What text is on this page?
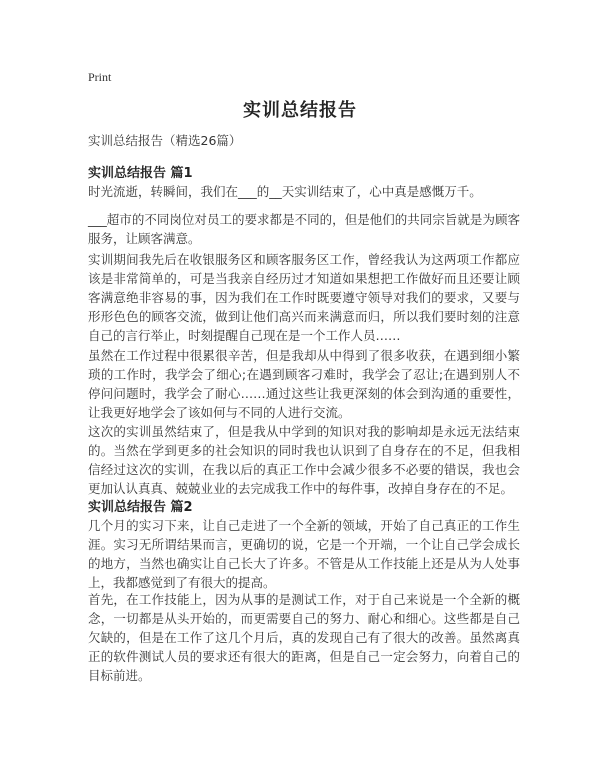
Print
实训总结报告
实训总结报告（精选26篇）
实训总结报告 篇1

时光流逝，转瞬间，我们在___的__天实训结束了，心中真是感慨万千。

___超市的不同岗位对员工的要求都是不同的，但是他们的共同宗旨就是为顾客服务，让顾客满意。

实训期间我先后在收银服务区和顾客服务区工作，曾经我认为这两项工作都应该是非常简单的，可是当我亲自经历过才知道如果想把工作做好而且还要让顾客满意绝非容易的事，因为我们在工作时既要遵守领导对我们的要求，又要与形形色色的顾客交流，做到让他们高兴而来满意而归，所以我们要时刻的注意自己的言行举止，时刻提醒自己现在是一个工作人员……

虽然在工作过程中很累很辛苦，但是我却从中得到了很多收获，在遇到细小繁琐的工作时，我学会了细心;在遇到顾客刁难时，我学会了忍让;在遇到别人不停问问题时，我学会了耐心……通过这些让我更深刻的体会到沟通的重要性，让我更好地学会了该如何与不同的人进行交流。

这次的实训虽然结束了，但是我从中学到的知识对我的影响却是永远无法结束的。当然在学到更多的社会知识的同时我也认识到了自身存在的不足，但我相信经过这次的实训，在我以后的真正工作中会减少很多不必要的错误，我也会更加认认真真、兢兢业业的去完成我工作中的每件事，改掉自身存在的不足。

实训总结报告 篇2

几个月的实习下来，让自己走进了一个全新的领域，开始了自己真正的工作生涯。实习无所谓结果而言，更确切的说，它是一个开端，一个让自己学会成长的地方，当然也确实让自己长大了许多。不管是从工作技能上还是从为人处事上，我都感觉到了有很大的提高。

首先，在工作技能上，因为从事的是测试工作，对于自己来说是一个全新的概念，一切都是从头开始的，而更需要自己的努力、耐心和细心。这些都是自己欠缺的，但是在工作了这几个月后，真的发现自己有了很大的改善。虽然离真正的软件测试人员的要求还有很大的距离，但是自己一定会努力，向着自己的目标前进。
